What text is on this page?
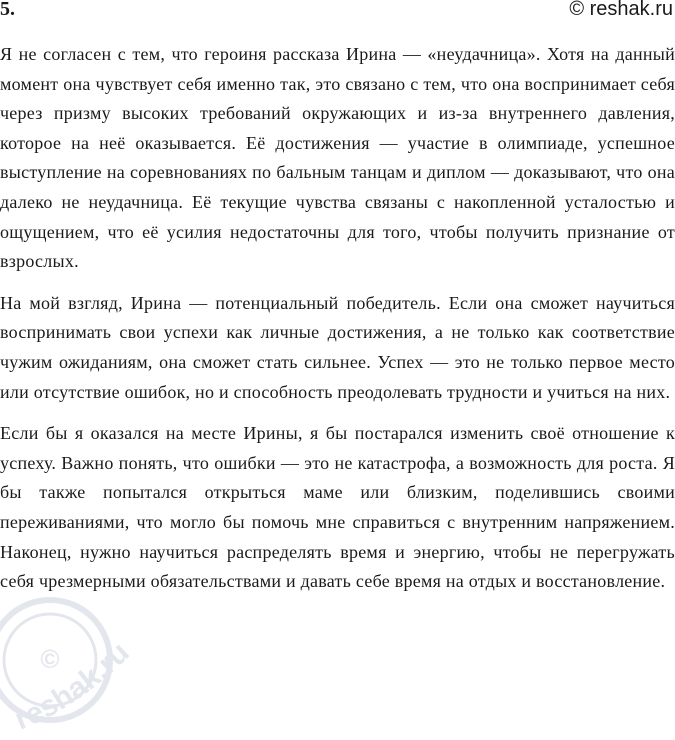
5.	© reshak.ru

Я не согласен с тем, что героиня рассказа Ирина — «неудачница». Хотя на данный момент она чувствует себя именно так, это связано с тем, что она воспринимает себя через призму высоких требований окружающих и из-за внутреннего давления, которое на неё оказывается. Её достижения — участие в олимпиаде, успешное выступление на соревнованиях по бальным танцам и диплом — доказывают, что она далеко не неудачница. Её текущие чувства связаны с накопленной усталостью и ощущением, что её усилия недостаточны для того, чтобы получить признание от взрослых.

На мой взгляд, Ирина — потенциальный победитель. Если она сможет научиться воспринимать свои успехи как личные достижения, а не только как соответствие чужим ожиданиям, она сможет стать сильнее. Успех — это не только первое место или отсутствие ошибок, но и способность преодолевать трудности и учиться на них.

Если бы я оказался на месте Ирины, я бы постарался изменить своё отношение к успеху. Важно понять, что ошибки — это не катастрофа, а возможность для роста. Я бы также попытался открыться маме или близким, поделившись своими переживаниями, что могло бы помочь мне справиться с внутренним напряжением. Наконец, нужно научиться распределять время и энергию, чтобы не перегружать себя чрезмерными обязательствами и давать себе время на отдых и восстановление.

©
reshak.ru
